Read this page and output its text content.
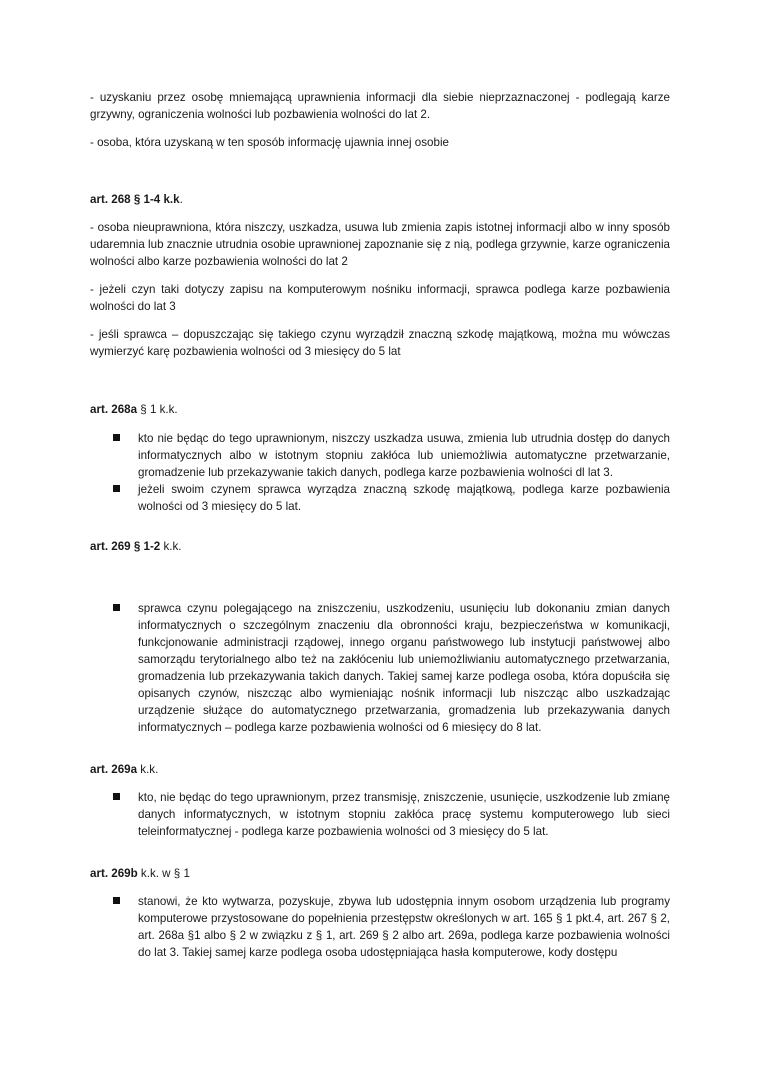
- uzyskaniu przez osobę mniemającą uprawnienia informacji dla siebie nieprzaznaczonej - podlegają karze grzywny, ograniczenia wolności lub pozbawienia wolności do lat 2.

- osoba, która uzyskaną w ten sposób informację ujawnia innej osobie

art. 268 § 1-4 k.k.

- osoba nieuprawniona, która niszczy, uszkadza, usuwa lub zmienia zapis istotnej informacji albo w inny sposób udaremnia lub znacznie utrudnia osobie uprawnionej zapoznanie się z nią, podlega grzywnie, karze ograniczenia wolności albo karze pozbawienia wolności do lat 2

- jeżeli czyn taki dotyczy zapisu na komputerowym nośniku informacji, sprawca podlega karze pozbawienia wolności do lat 3

- jeśli sprawca – dopuszczając się takiego czynu wyrządził znaczną szkodę majątkową, można mu wówczas wymierzyć karę pozbawienia wolności od 3 miesięcy do 5 lat

art. 268a § 1 k.k.

kto nie będąc do tego uprawnionym, niszczy uszkadza usuwa, zmienia lub utrudnia dostęp do danych informatycznych albo w istotnym stopniu zakłóca lub uniemożliwia automatyczne przetwarzanie, gromadzenie lub przekazywanie takich danych, podlega karze pozbawienia wolności dl lat 3.
jeżeli swoim czynem sprawca wyrządza znaczną szkodę majątkową, podlega karze pozbawienia wolności od 3 miesięcy do 5 lat.

art. 269 § 1-2 k.k.

sprawca czynu polegającego na zniszczeniu, uszkodzeniu, usunięciu lub dokonaniu zmian danych informatycznych o szczególnym znaczeniu dla obronności kraju, bezpieczeństwa w komunikacji, funkcjonowanie administracji rządowej, innego organu państwowego lub instytucji państwowej albo samorządu terytorialnego albo też na zakłóceniu lub uniemożliwianiu automatycznego przetwarzania, gromadzenia lub przekazywania takich danych. Takiej samej karze podlega osoba, która dopuściła się opisanych czynów, niszcząc albo wymieniając nośnik informacji lub niszcząc albo uszkadzając urządzenie służące do automatycznego przetwarzania, gromadzenia lub przekazywania danych informatycznych – podlega karze pozbawienia wolności od 6 miesięcy do 8 lat.

art. 269a k.k.

kto, nie będąc do tego uprawnionym, przez transmisję, zniszczenie, usunięcie, uszkodzenie lub zmianę danych informatycznych, w istotnym stopniu zakłóca pracę systemu komputerowego lub sieci teleinformatycznej - podlega karze pozbawienia wolności od 3 miesięcy do 5 lat.

art. 269b k.k. w § 1

stanowi, że kto wytwarza, pozyskuje, zbywa lub udostępnia innym osobom urządzenia lub programy komputerowe przystosowane do popełnienia przestępstw określonych w art. 165 § 1 pkt.4, art. 267 § 2, art. 268a §1 albo § 2 w związku z § 1, art. 269 § 2 albo art. 269a, podlega karze pozbawienia wolności do lat 3. Takiej samej karze podlega osoba udostępniająca hasła komputerowe, kody dostępu
